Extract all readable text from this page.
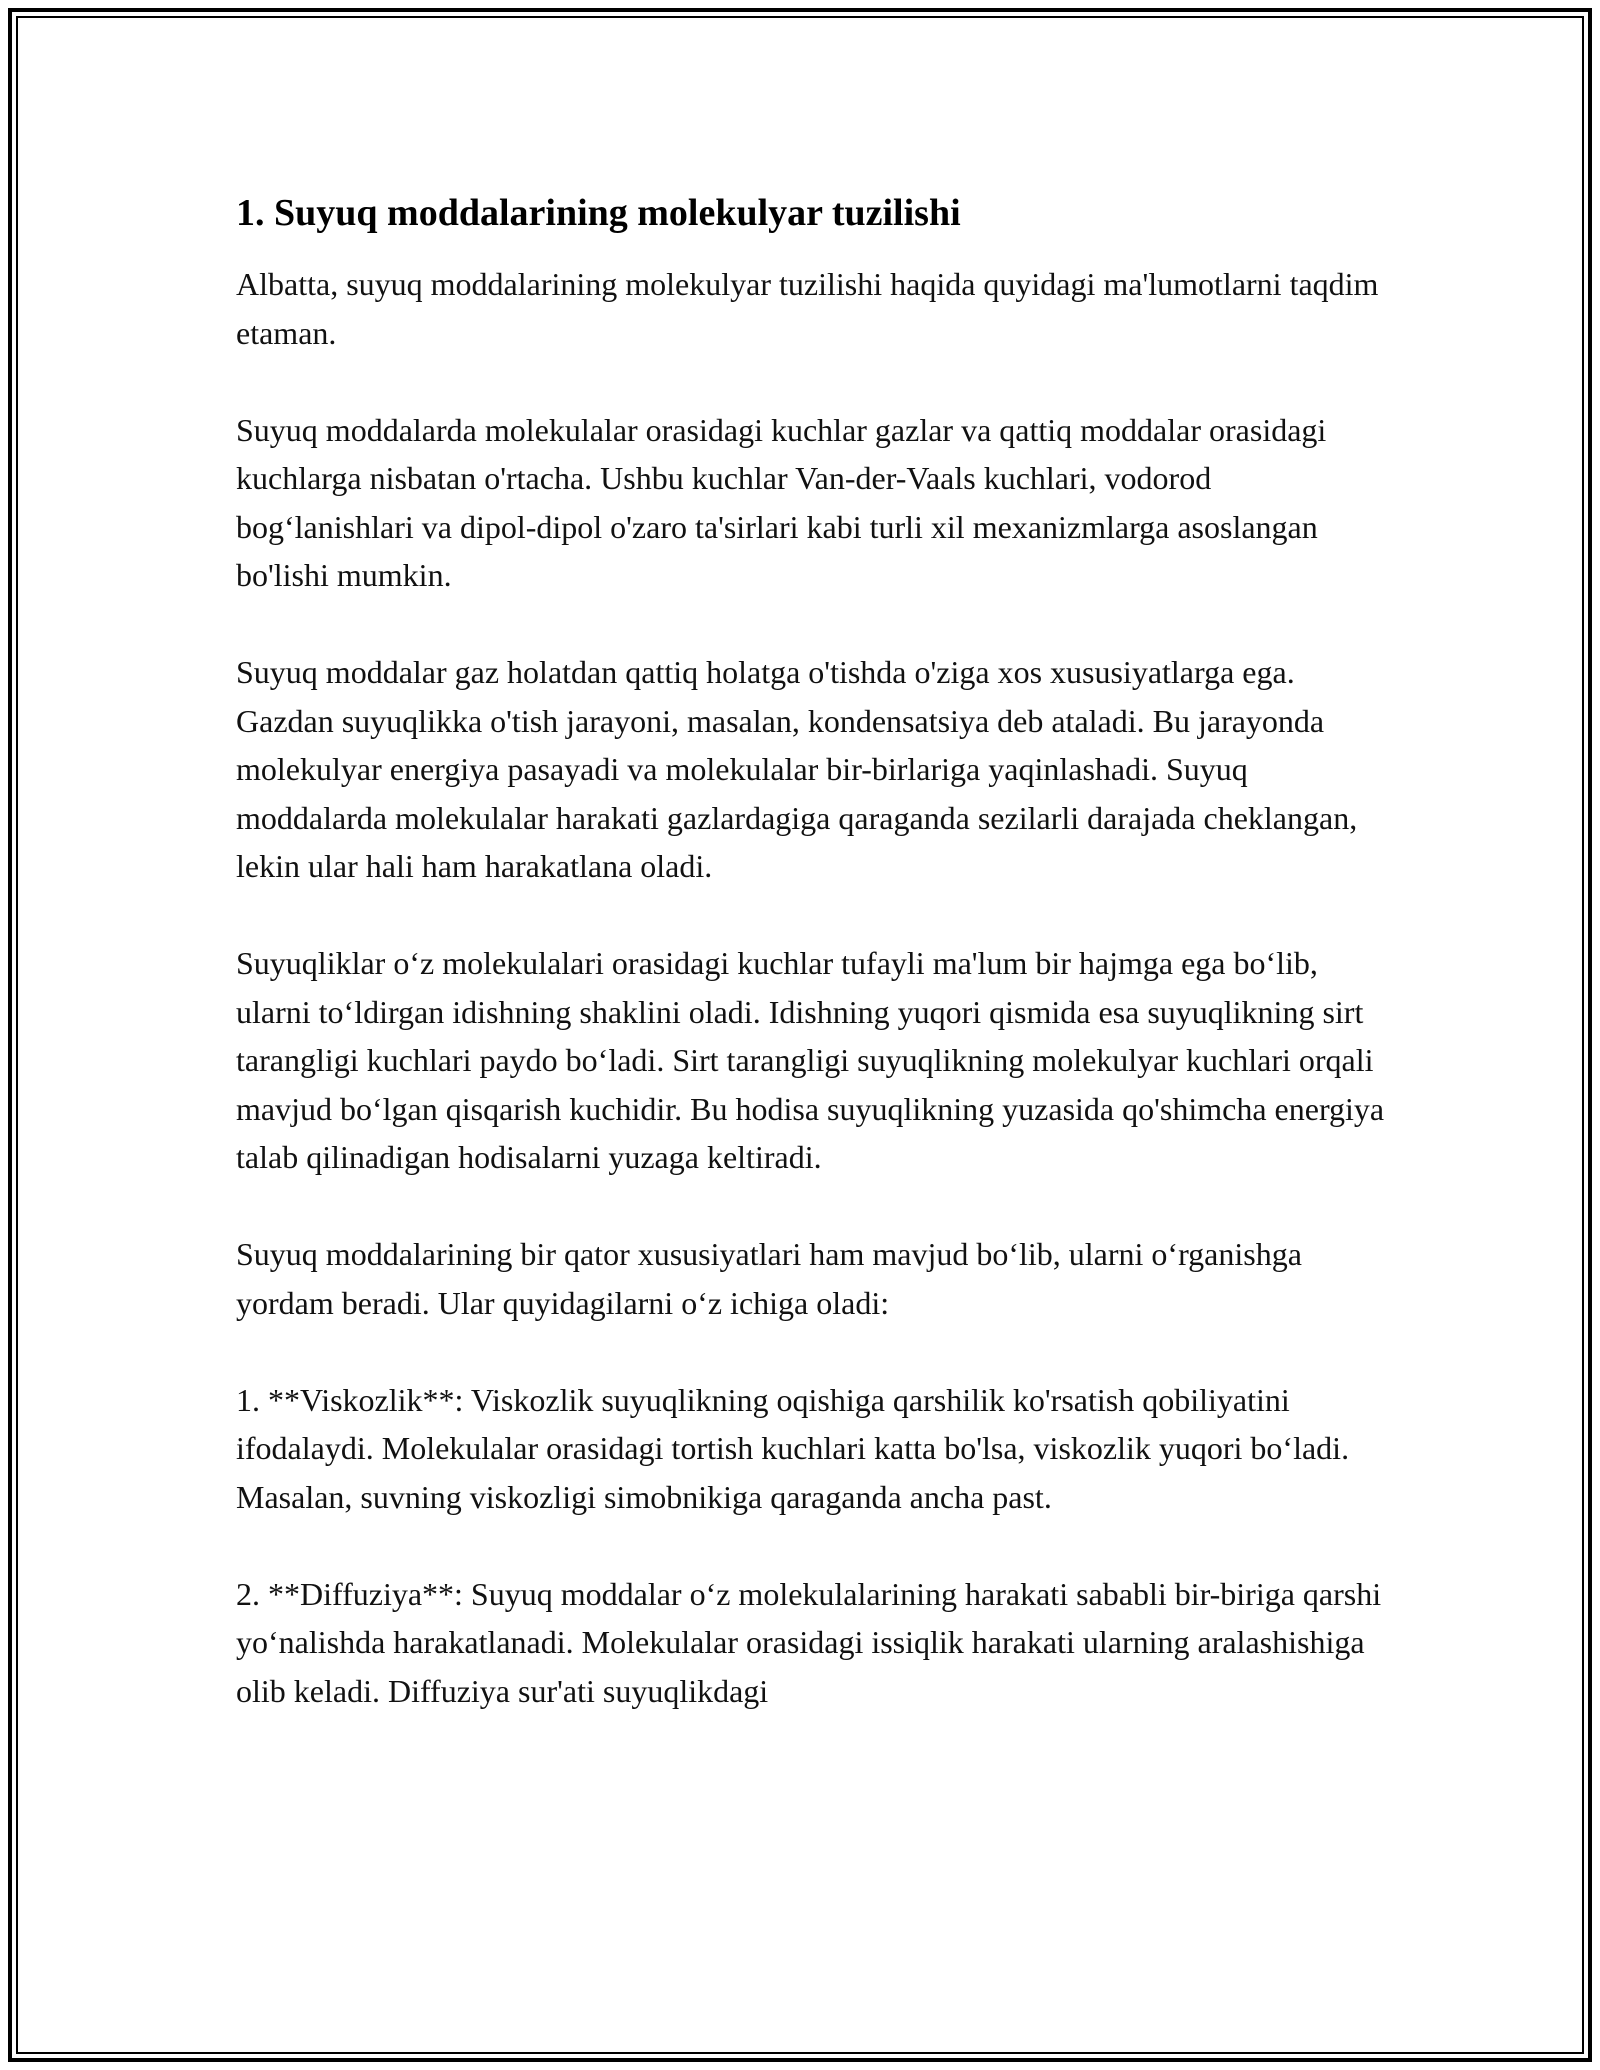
1. Suyuq moddalarining molekulyar tuzilishi

Albatta, suyuq moddalarining molekulyar tuzilishi haqida quyidagi ma'lumotlarni taqdim etaman.

Suyuq moddalarda molekulalar orasidagi kuchlar gazlar va qattiq moddalar orasidagi kuchlarga nisbatan o'rtacha. Ushbu kuchlar Van-der-Vaals kuchlari, vodorod bog‘lanishlari va dipol-dipol o'zaro ta'sirlari kabi turli xil mexanizmlarga asoslangan bo'lishi mumkin.

Suyuq moddalar gaz holatdan qattiq holatga o'tishda o'ziga xos xususiyatlarga ega. Gazdan suyuqlikka o'tish jarayoni, masalan, kondensatsiya deb ataladi. Bu jarayonda molekulyar energiya pasayadi va molekulalar bir-birlariga yaqinlashadi. Suyuq moddalarda molekulalar harakati gazlardagiga qaraganda sezilarli darajada cheklangan, lekin ular hali ham harakatlana oladi.

Suyuqliklar o‘z molekulalari orasidagi kuchlar tufayli ma'lum bir hajmga ega bo‘lib, ularni to‘ldirgan idishning shaklini oladi. Idishning yuqori qismida esa suyuqlikning sirt tarangligi kuchlari paydo bo‘ladi. Sirt tarangligi suyuqlikning molekulyar kuchlari orqali mavjud bo‘lgan qisqarish kuchidir. Bu hodisa suyuqlikning yuzasida qo'shimcha energiya talab qilinadigan hodisalarni yuzaga keltiradi.

Suyuq moddalarining bir qator xususiyatlari ham mavjud bo‘lib, ularni o‘rganishga yordam beradi. Ular quyidagilarni o‘z ichiga oladi:

1. **Viskozlik**: Viskozlik suyuqlikning oqishiga qarshilik ko'rsatish qobiliyatini ifodalaydi. Molekulalar orasidagi tortish kuchlari katta bo'lsa, viskozlik yuqori bo‘ladi. Masalan, suvning viskozligi simobnikiga qaraganda ancha past.

2. **Diffuziya**: Suyuq moddalar o‘z molekulalarining harakati sababli bir-biriga qarshi yo‘nalishda harakatlanadi. Molekulalar orasidagi issiqlik harakati ularning aralashishiga olib keladi. Diffuziya sur'ati suyuqlikdagi
